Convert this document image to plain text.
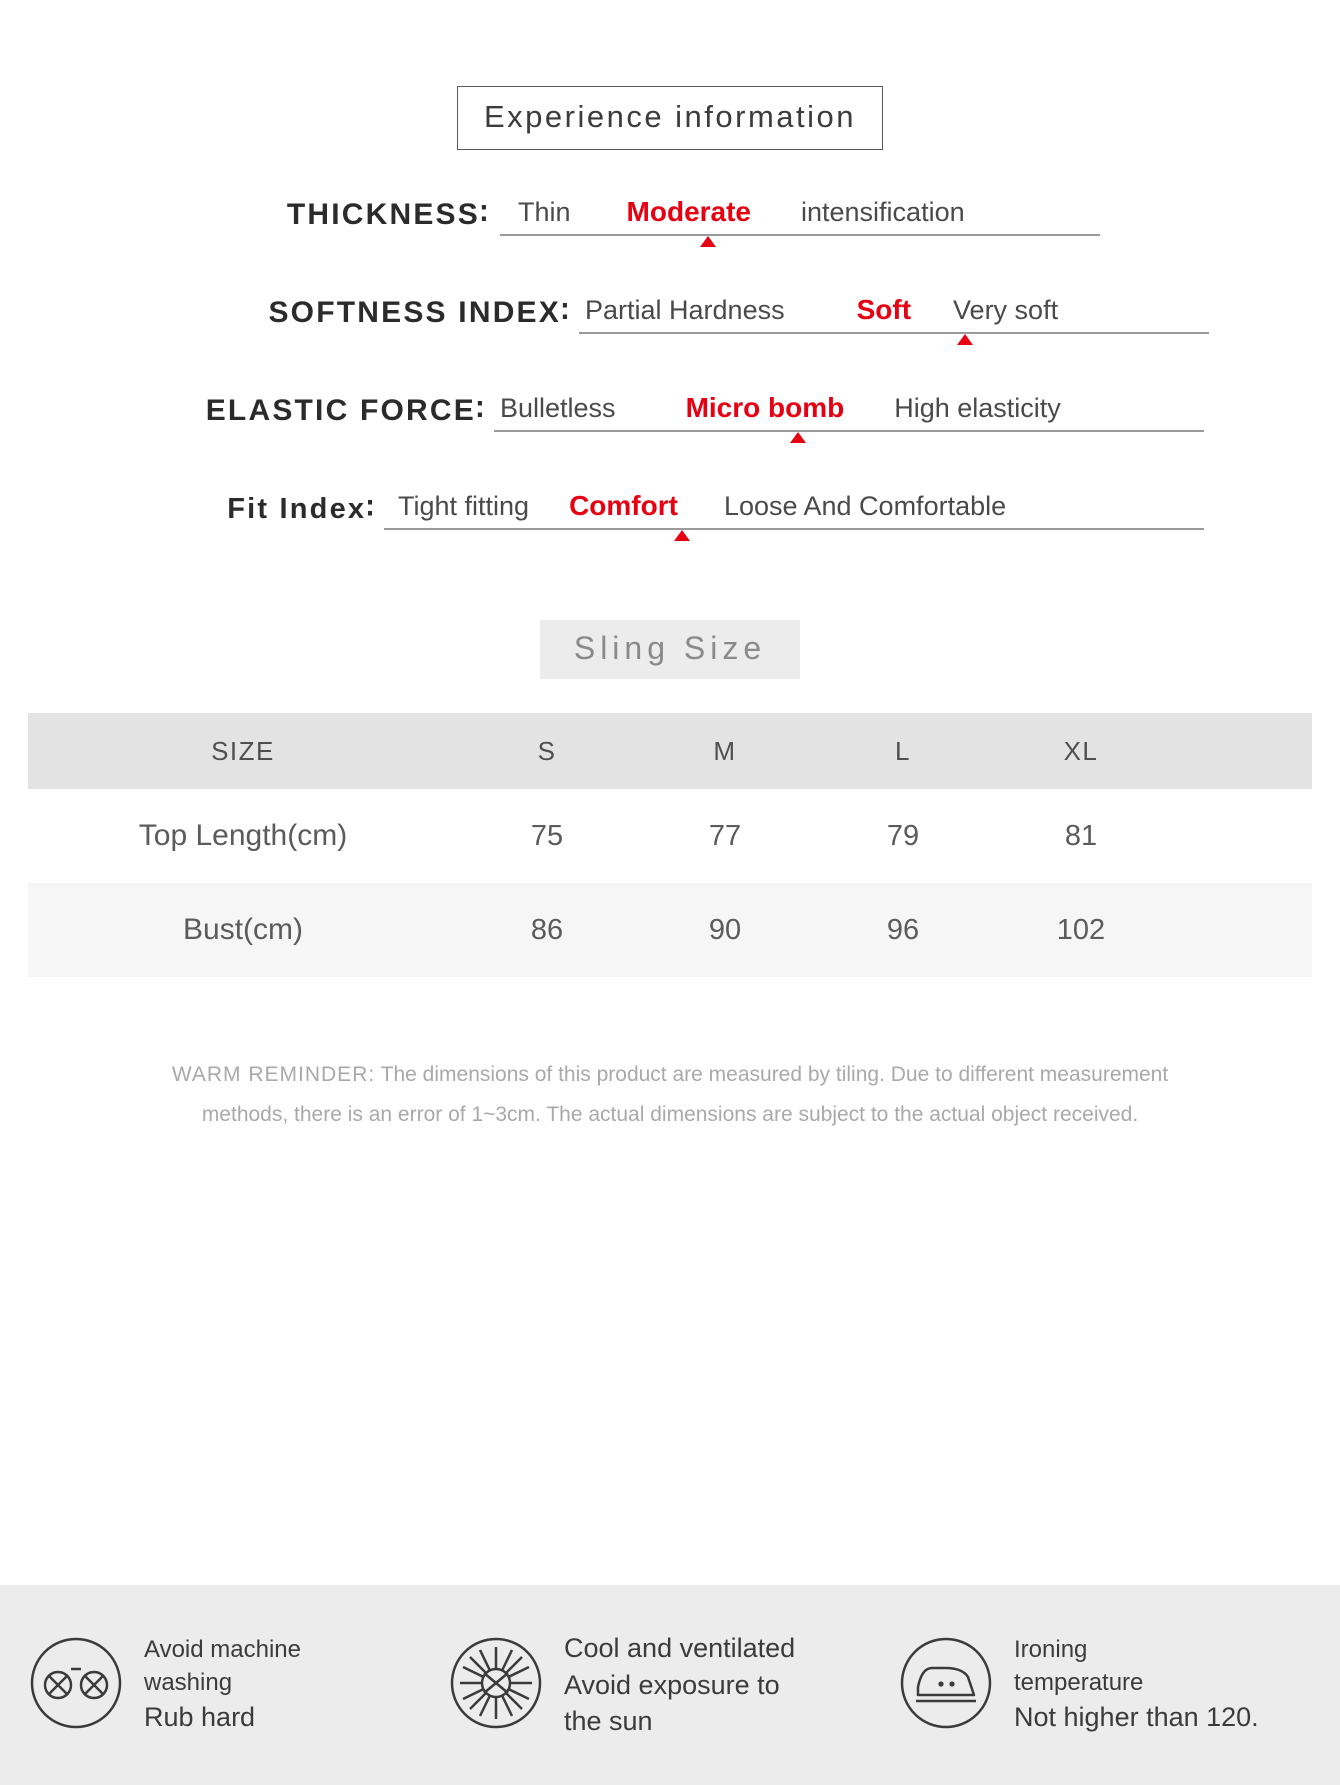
Experience information
THICKNESS∶ Thin Moderate intensification
SOFTNESS INDEX∶ Partial Hardness	Soft Very soft
ELASTIC FORCE∶ Bulletless	Micro bomb High elasticity
Fit Index∶ Tight fitting Comfort Loose And Comfortable
Sling Size
SIZE	S	M	L	XL	
Top Length(cm)	75	77	79	81	
Bust(cm)	86	90	96	102	
WARM REMINDER: The dimensions of this product are measured by tiling. Due to different measurement
methods, there is an error of 1~3cm. The actual dimensions are subject to the actual object received.
Avoid machine
washing
Rub hard
Cool and ventilated
Avoid exposure to
the sun
Ironing
temperature
Not higher than 120.
